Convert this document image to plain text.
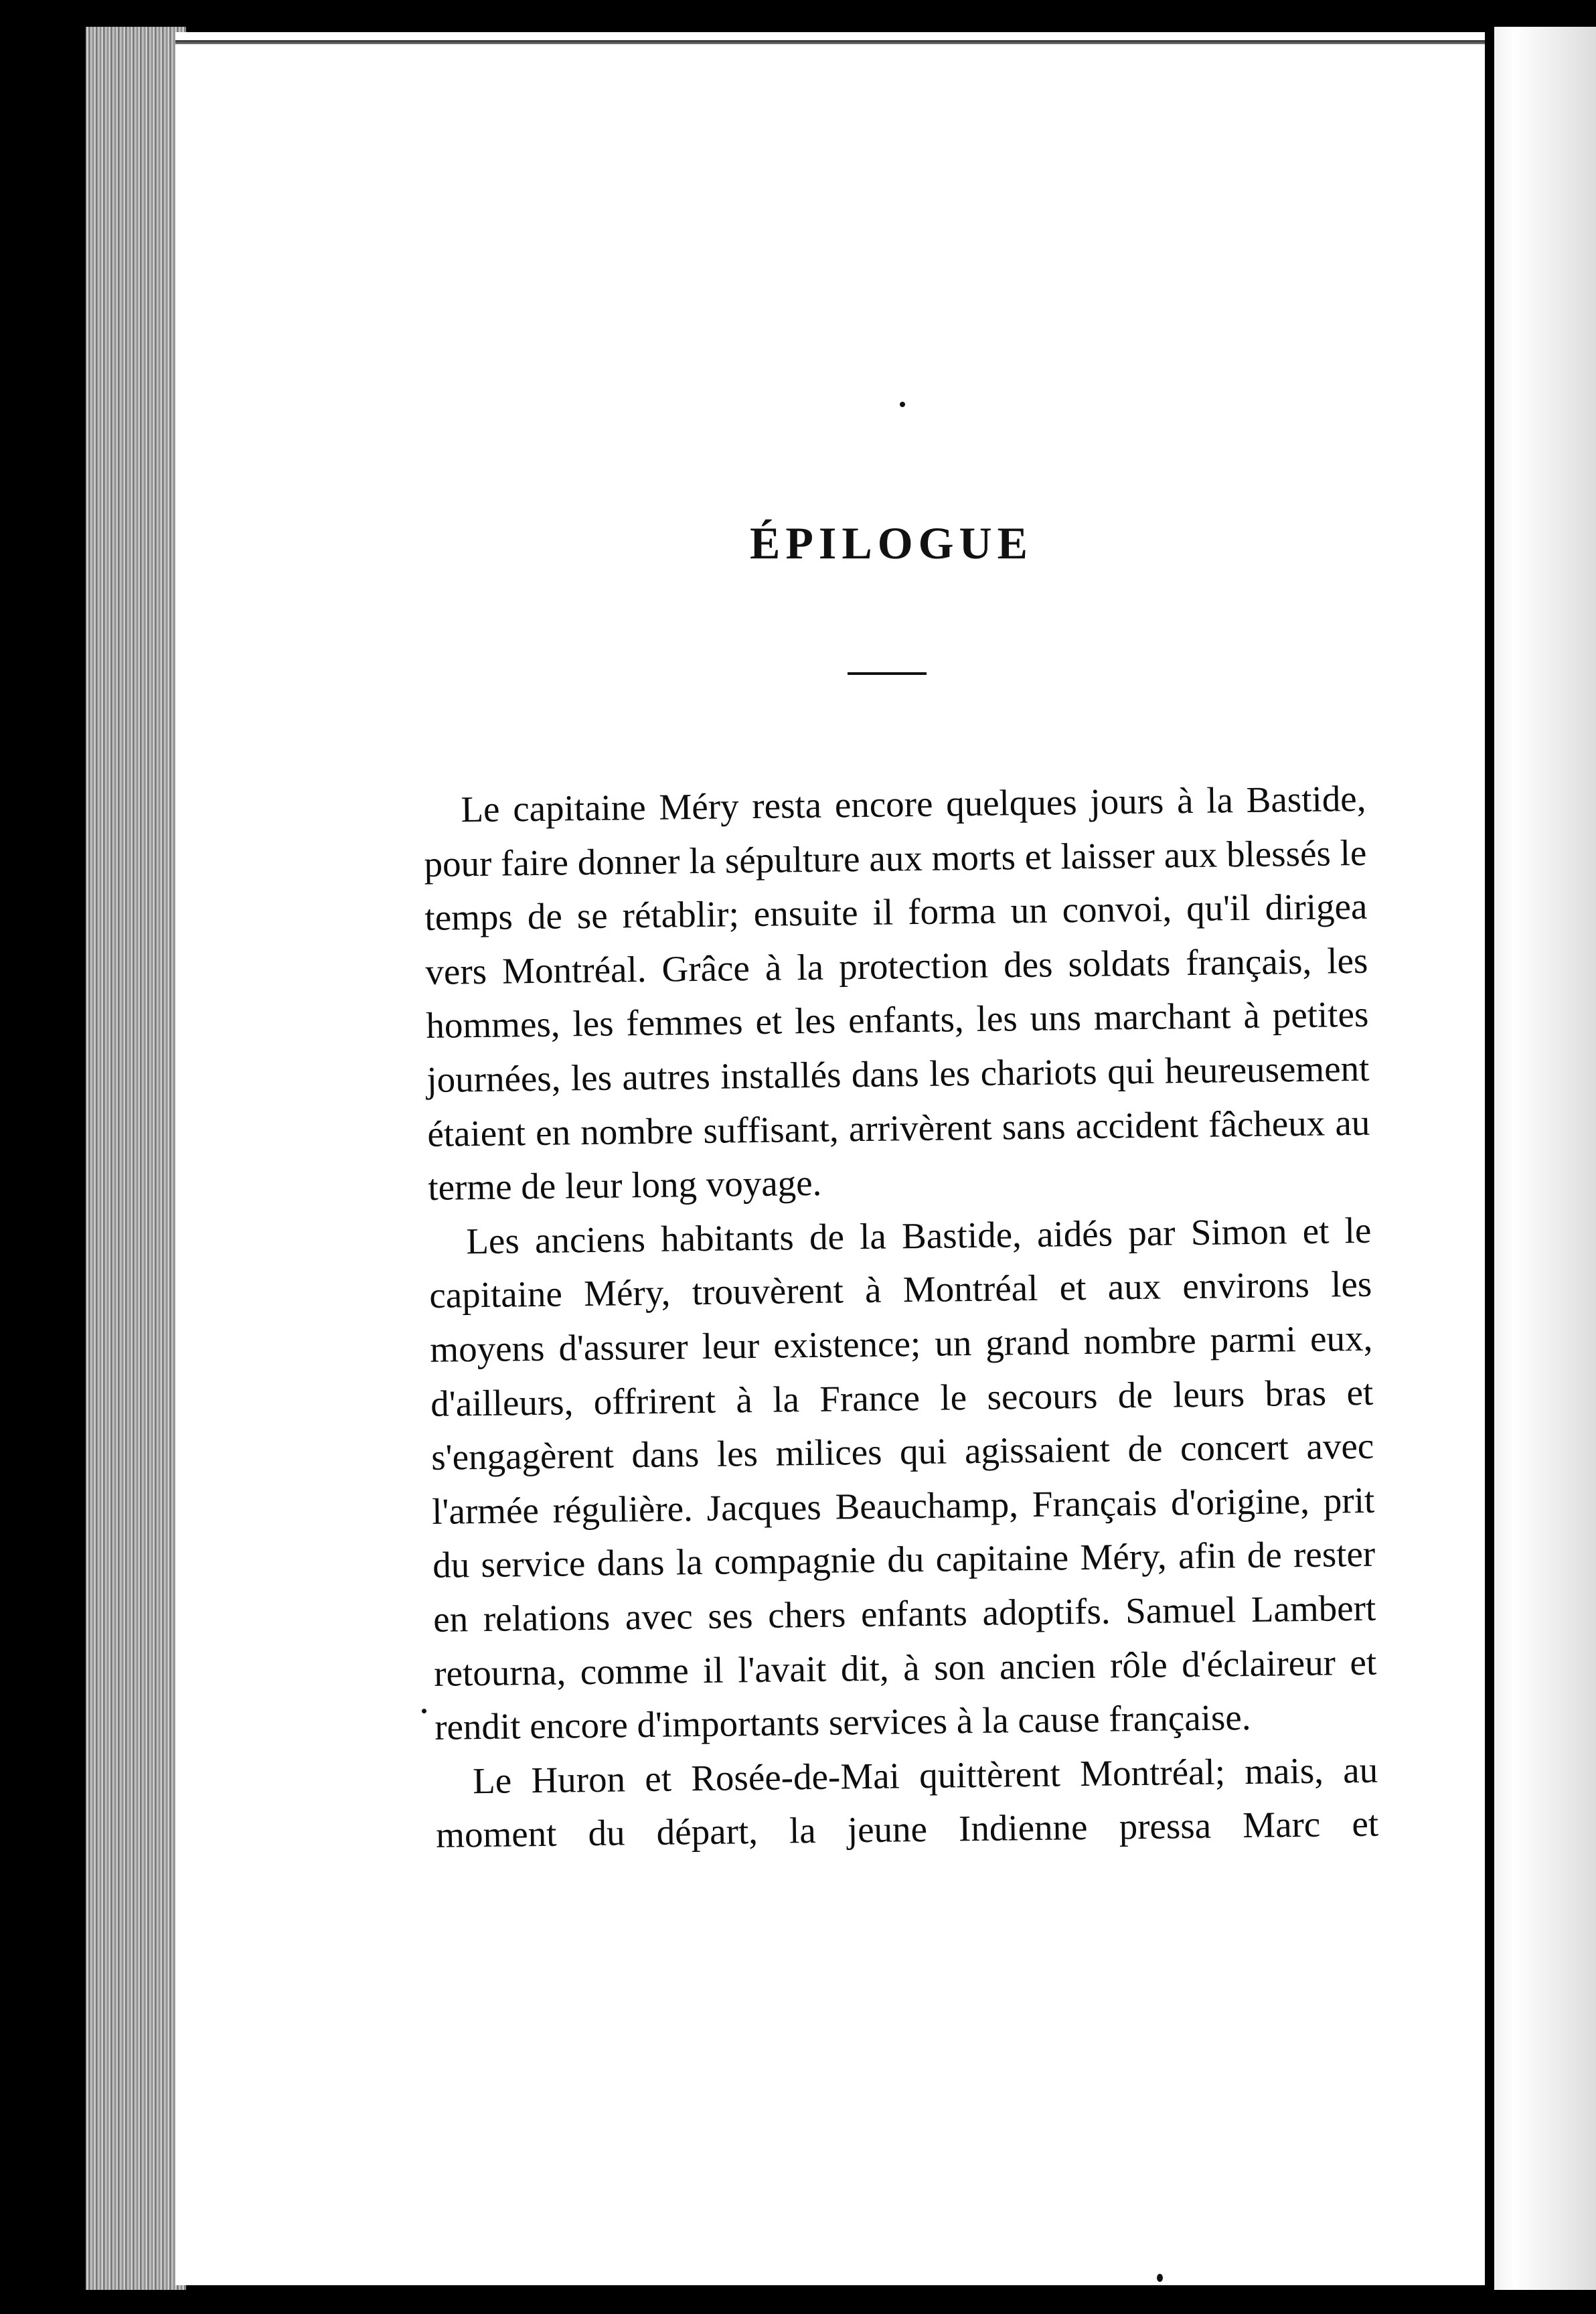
ÉPILOGUE

Le capitaine Méry resta encore quelques jours à la Bastide, pour faire donner la sépulture aux morts et laisser aux blessés le temps de se rétablir; ensuite il forma un convoi, qu'il dirigea vers Montréal. Grâce à la protection des soldats français, les hommes, les femmes et les enfants, les uns marchant à petites journées, les autres installés dans les chariots qui heureusement étaient en nombre suffisant, arrivèrent sans accident fâcheux au terme de leur long voyage.

Les anciens habitants de la Bastide, aidés par Simon et le capitaine Méry, trouvèrent à Montréal et aux environs les moyens d'assurer leur existence; un grand nombre parmi eux, d'ailleurs, offrirent à la France le secours de leurs bras et s'engagèrent dans les milices qui agissaient de concert avec l'armée régulière. Jacques Beauchamp, Français d'origine, prit du service dans la compagnie du capitaine Méry, afin de rester en relations avec ses chers enfants adoptifs. Samuel Lambert retourna, comme il l'avait dit, à son ancien rôle d'éclaireur et rendit encore d'importants services à la cause française.

Le Huron et Rosée-de-Mai quittèrent Montréal; mais, au moment du départ, la jeune Indienne pressa Marc et
